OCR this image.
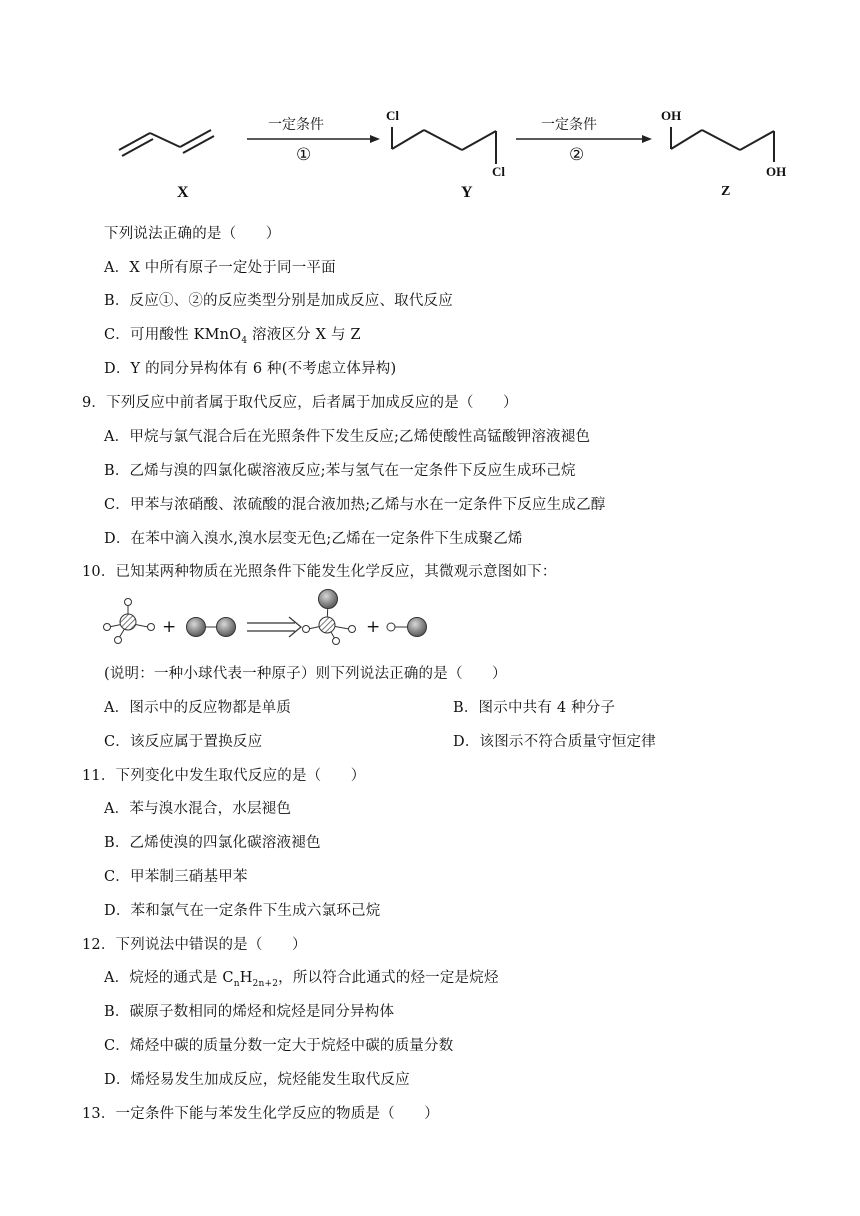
一定条件
①
一定条件
②
Cl
Cl
OH
OH
X	Y	Z
下列说法正确的是（　　）
A．X 中所有原子一定处于同一平面
B．反应①、②的反应类型分别是加成反应、取代反应
C．可用酸性 KMnO$_4$ 溶液区分 X 与 Z
D．Y 的同分异构体有 6 种(不考虑立体异构)
9．下列反应中前者属于取代反应，后者属于加成反应的是（　　）
A．甲烷与氯气混合后在光照条件下发生反应;乙烯使酸性高锰酸钾溶液褪色
B．乙烯与溴的四氯化碳溶液反应;苯与氢气在一定条件下反应生成环己烷
C．甲苯与浓硝酸、浓硫酸的混合液加热;乙烯与水在一定条件下反应生成乙醇
D．在苯中滴入溴水,溴水层变无色;乙烯在一定条件下生成聚乙烯
10．已知某两种物质在光照条件下能发生化学反应，其微观示意图如下：
+	+
(说明：一种小球代表一种原子）则下列说法正确的是（　　）
A．图示中的反应物都是单质	B．图示中共有 4 种分子
C．该反应属于置换反应	D．该图示不符合质量守恒定律
11．下列变化中发生取代反应的是（　　）
A．苯与溴水混合，水层褪色
B．乙烯使溴的四氯化碳溶液褪色
C．甲苯制三硝基甲苯
D．苯和氯气在一定条件下生成六氯环己烷
12．下列说法中错误的是（　　）
A．烷烃的通式是 $C_nH_{2n+2}$，所以符合此通式的烃一定是烷烃
B．碳原子数相同的烯烃和烷烃是同分异构体
C．烯烃中碳的质量分数一定大于烷烃中碳的质量分数
D．烯烃易发生加成反应，烷烃能发生取代反应
13．一定条件下能与苯发生化学反应的物质是（　　）
